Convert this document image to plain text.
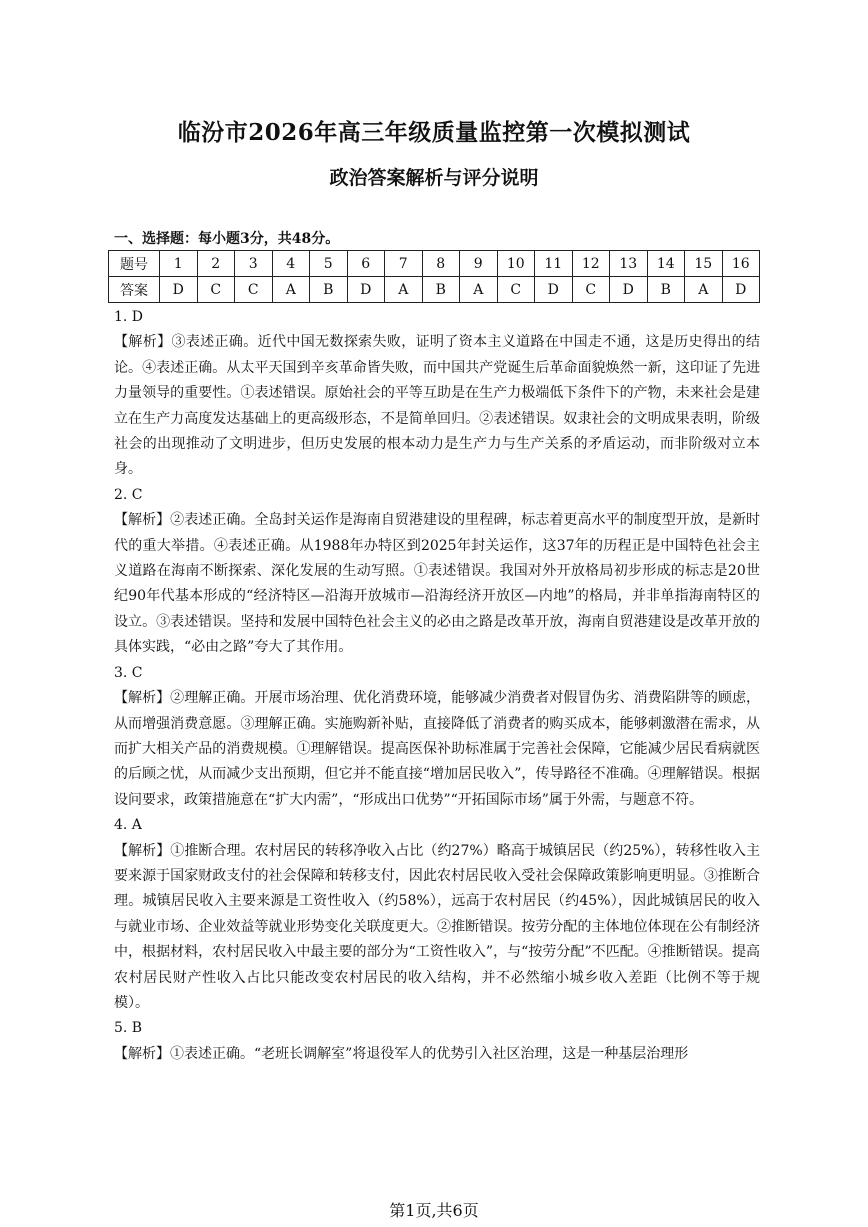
临汾市2026年高三年级质量监控第一次模拟测试
政治答案解析与评分说明
一、选择题：每小题3分，共48分。
题号	1	2	3	4	5	6	7	8	9	10	11	12	13	14	15	16
答案	D	C	C	A	B	D	A	B	A	C	D	C	D	B	A	D

1. D

【解析】③表述正确。近代中国无数探索失败，证明了资本主义道路在中国走不通，这是历史得出的结论。④表述正确。从太平天国到辛亥革命皆失败，而中国共产党诞生后革命面貌焕然一新，这印证了先进力量领导的重要性。①表述错误。原始社会的平等互助是在生产力极端低下条件下的产物，未来社会是建立在生产力高度发达基础上的更高级形态，不是简单回归。②表述错误。奴隶社会的文明成果表明，阶级社会的出现推动了文明进步，但历史发展的根本动力是生产力与生产关系的矛盾运动，而非阶级对立本身。

2. C

【解析】②表述正确。全岛封关运作是海南自贸港建设的里程碑，标志着更高水平的制度型开放，是新时代的重大举措。④表述正确。从1988年办特区到2025年封关运作，这37年的历程正是中国特色社会主义道路在海南不断探索、深化发展的生动写照。①表述错误。我国对外开放格局初步形成的标志是20世纪90年代基本形成的“经济特区—沿海开放城市—沿海经济开放区—内地”的格局，并非单指海南特区的设立。③表述错误。坚持和发展中国特色社会主义的必由之路是改革开放，海南自贸港建设是改革开放的具体实践，“必由之路”夸大了其作用。

3. C

【解析】②理解正确。开展市场治理、优化消费环境，能够减少消费者对假冒伪劣、消费陷阱等的顾虑，从而增强消费意愿。③理解正确。实施购新补贴，直接降低了消费者的购买成本，能够刺激潜在需求，从而扩大相关产品的消费规模。①理解错误。提高医保补助标准属于完善社会保障，它能减少居民看病就医的后顾之忧，从而减少支出预期，但它并不能直接“增加居民收入”，传导路径不准确。④理解错误。根据设问要求，政策措施意在“扩大内需”，“形成出口优势”“开拓国际市场”属于外需，与题意不符。

4. A

【解析】①推断合理。农村居民的转移净收入占比（约27%）略高于城镇居民（约25%），转移性收入主要来源于国家财政支付的社会保障和转移支付，因此农村居民收入受社会保障政策影响更明显。③推断合理。城镇居民收入主要来源是工资性收入（约58%），远高于农村居民（约45%），因此城镇居民的收入与就业市场、企业效益等就业形势变化关联度更大。②推断错误。按劳分配的主体地位体现在公有制经济中，根据材料，农村居民收入中最主要的部分为“工资性收入”，与“按劳分配”不匹配。④推断错误。提高农村居民财产性收入占比只能改变农村居民的收入结构，并不必然缩小城乡收入差距（比例不等于规模）。

5. B

【解析】①表述正确。“老班长调解室”将退役军人的优势引入社区治理，这是一种基层治理形

第1页,共6页
